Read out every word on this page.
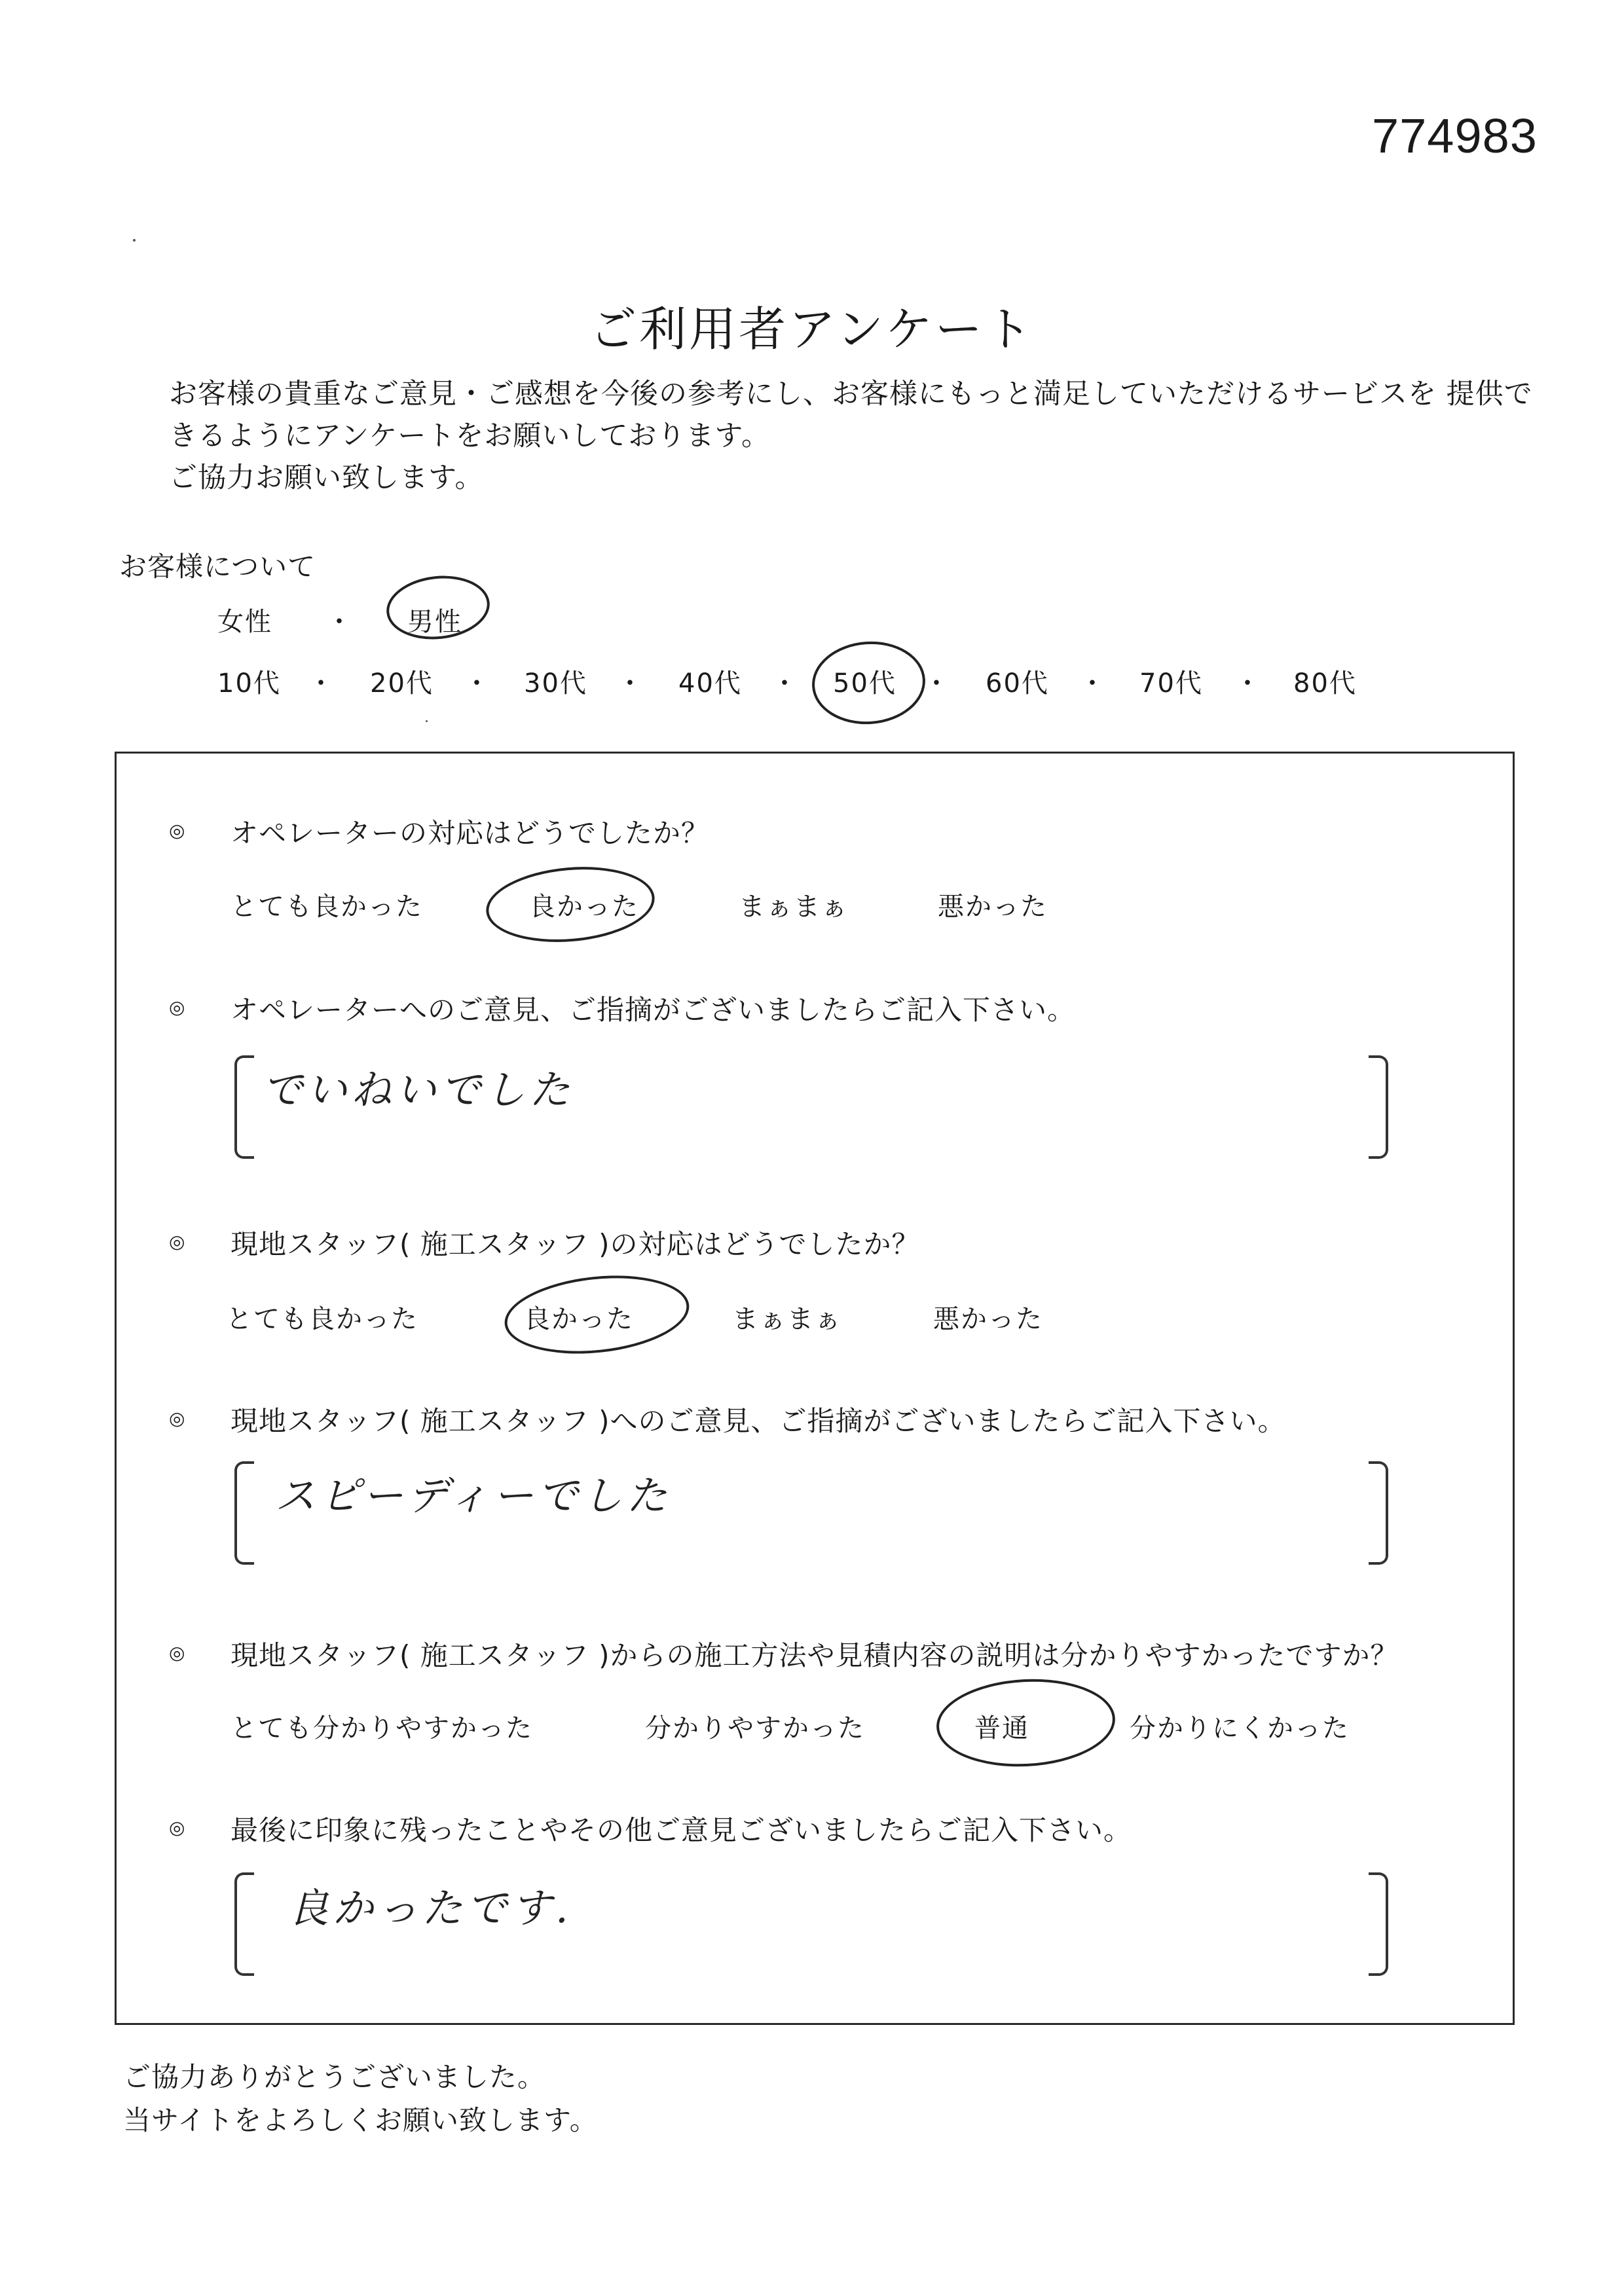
774983
ご利用者アンケート
お客様の貴重なご意見・ご感想を今後の参考にし、お客様にもっと満足していただけるサービスを 提供で
きるようにアンケートをお願いしております。
ご協力お願い致します。
お客様について
女性 ・ 男性
10代 ・ 20代 ・ 30代 ・ 40代 ・ 50代 ・ 60代 ・ 70代 ・ 80代
◎ オペレーターの対応はどうでしたか？
とても良かった	良かった	まぁまぁ	悪かった
◎ オペレーターへのご意見、ご指摘がございましたらご記入下さい。
でいねいでした
◎ 現地スタッフ( 施工スタッフ )の対応はどうでしたか？
とても良かった	良かった	まぁまぁ	悪かった
◎ 現地スタッフ( 施工スタッフ )へのご意見、ご指摘がございましたらご記入下さい。
スピーディーでした
◎ 現地スタッフ( 施工スタッフ )からの施工方法や見積内容の説明は分かりやすかったですか？
とても分かりやすかった	分かりやすかった	普通	分かりにくかった
◎ 最後に印象に残ったことやその他ご意見ございましたらご記入下さい。
良かったです.
ご協力ありがとうございました。
当サイトをよろしくお願い致します。
